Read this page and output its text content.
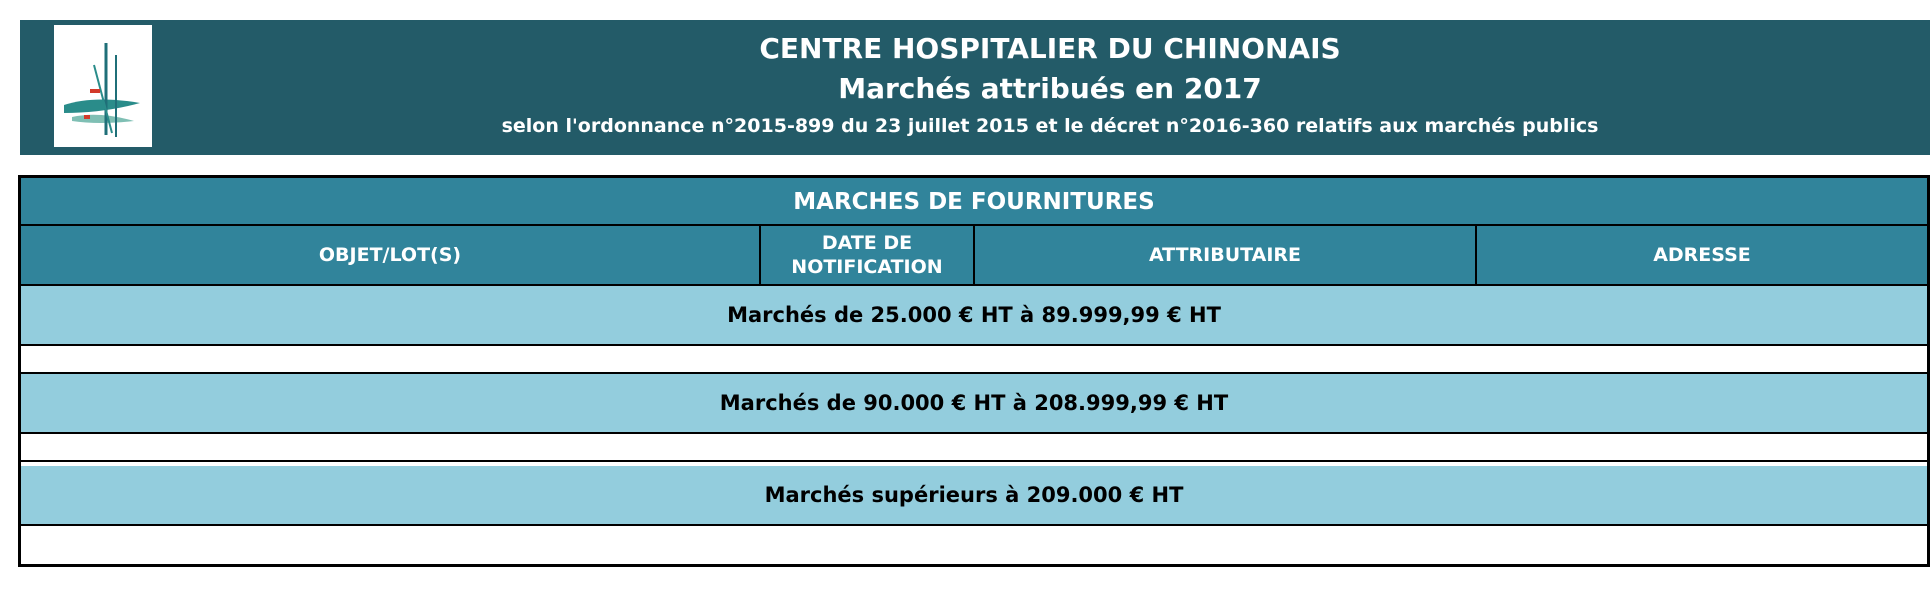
CENTRE HOSPITALIER DU CHINONAIS
Marchés attribués en 2017
selon l'ordonnance n°2015-899 du 23 juillet 2015 et le décret n°2016-360 relatifs aux marchés publics
MARCHES DE FOURNITURES
OBJET/LOT(S)
DATE DE
NOTIFICATION
ATTRIBUTAIRE	ADRESSE
Marchés de 25.000 € HT à 89.999,99 € HT
Marchés de 90.000 € HT à 208.999,99 € HT
Marchés supérieurs à 209.000 € HT
